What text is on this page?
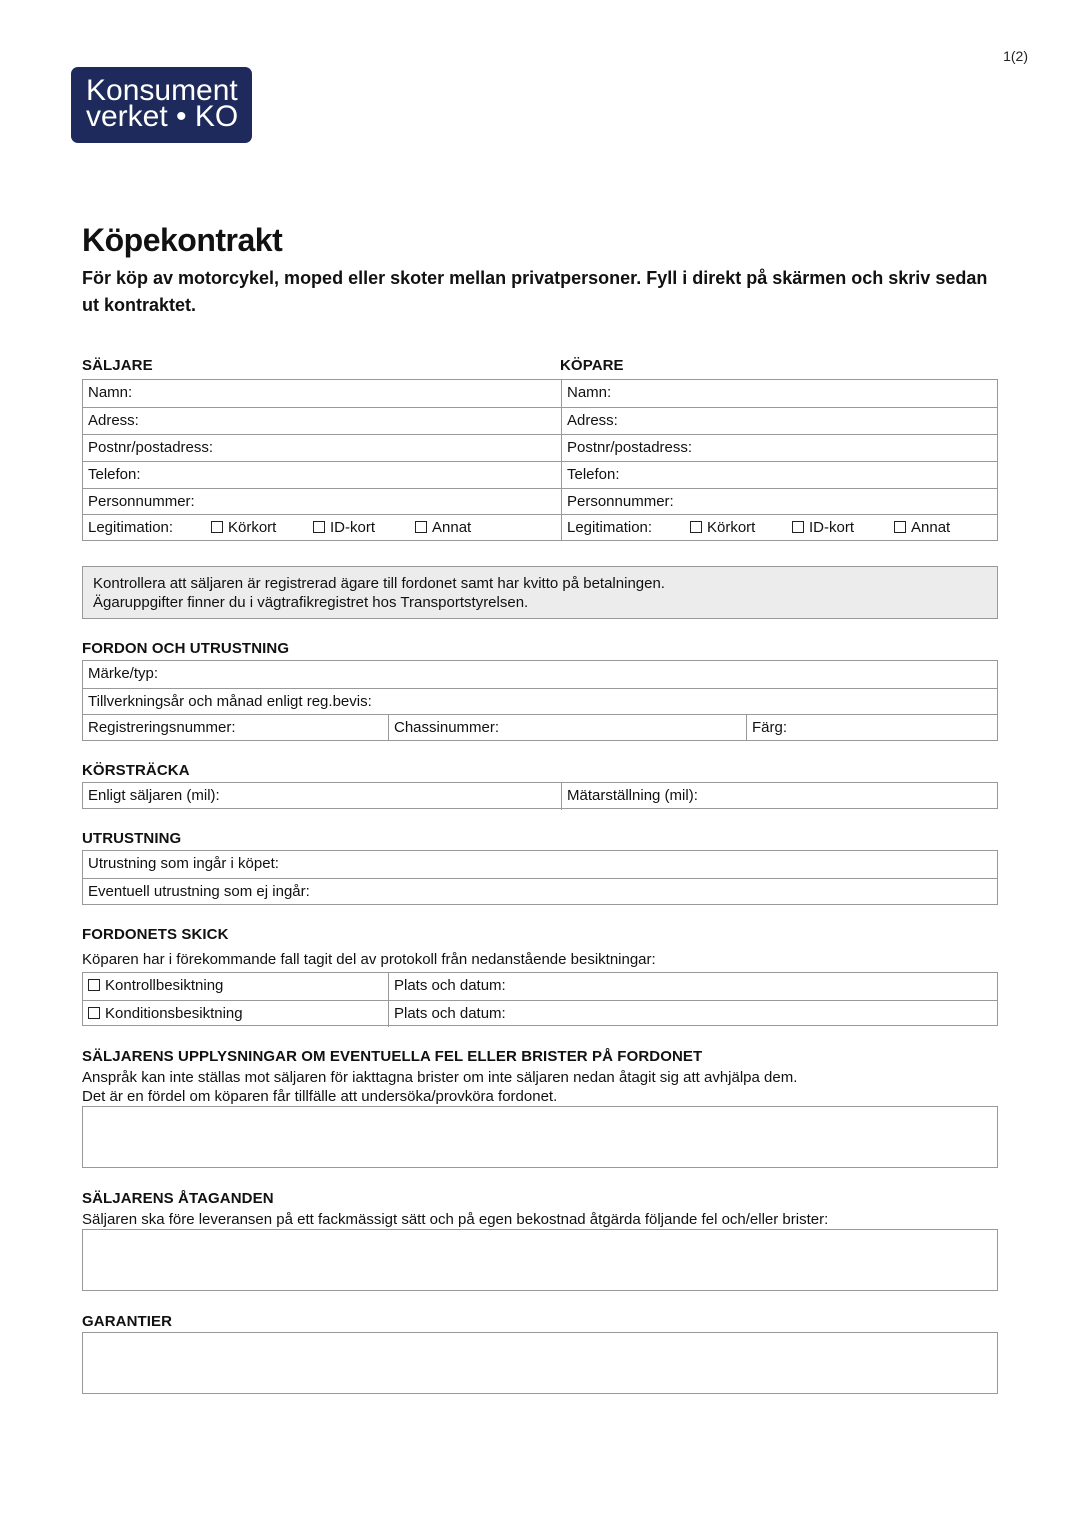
1(2)
Konsument
verket • KO
Köpekontrakt

För köp av motorcykel, moped eller skoter mellan privatpersoner. Fyll i direkt på skärmen och skriv sedan ut kontraktet.

SÄLJARE	KÖPARE
Namn:	Namn:
Adress:	Adress:
Postnr/postadress:	Postnr/postadress:
Telefon:	Telefon:
Personnummer:	Personnummer:
Legitimation:	Körkort	ID-kort	Annat	Legitimation:	Körkort	ID-kort	Annat
Kontrollera att säljaren är registrerad ägare till fordonet samt har kvitto på betalningen.
Ägaruppgifter finner du i vägtrafikregistret hos Transportstyrelsen.
FORDON OCH UTRUSTNING
Märke/typ:
Tillverkningsår och månad enligt reg.bevis:
Registreringsnummer:	Chassinummer:	Färg:
KÖRSTRÄCKA
Enligt säljaren (mil):	Mätarställning (mil):
UTRUSTNING
Utrustning som ingår i köpet:
Eventuell utrustning som ej ingår:
FORDONETS SKICK
Köparen har i förekommande fall tagit del av protokoll från nedanstående besiktningar:
Kontrollbesiktning	Plats och datum:
Konditionsbesiktning	Plats och datum:
SÄLJARENS UPPLYSNINGAR OM EVENTUELLA FEL ELLER BRISTER PÅ FORDONET
Anspråk kan inte ställas mot säljaren för iakttagna brister om inte säljaren nedan åtagit sig att avhjälpa dem.
Det är en fördel om köparen får tillfälle att undersöka/provköra fordonet.
SÄLJARENS ÅTAGANDEN
Säljaren ska före leveransen på ett fackmässigt sätt och på egen bekostnad åtgärda följande fel och/eller brister:
GARANTIER
